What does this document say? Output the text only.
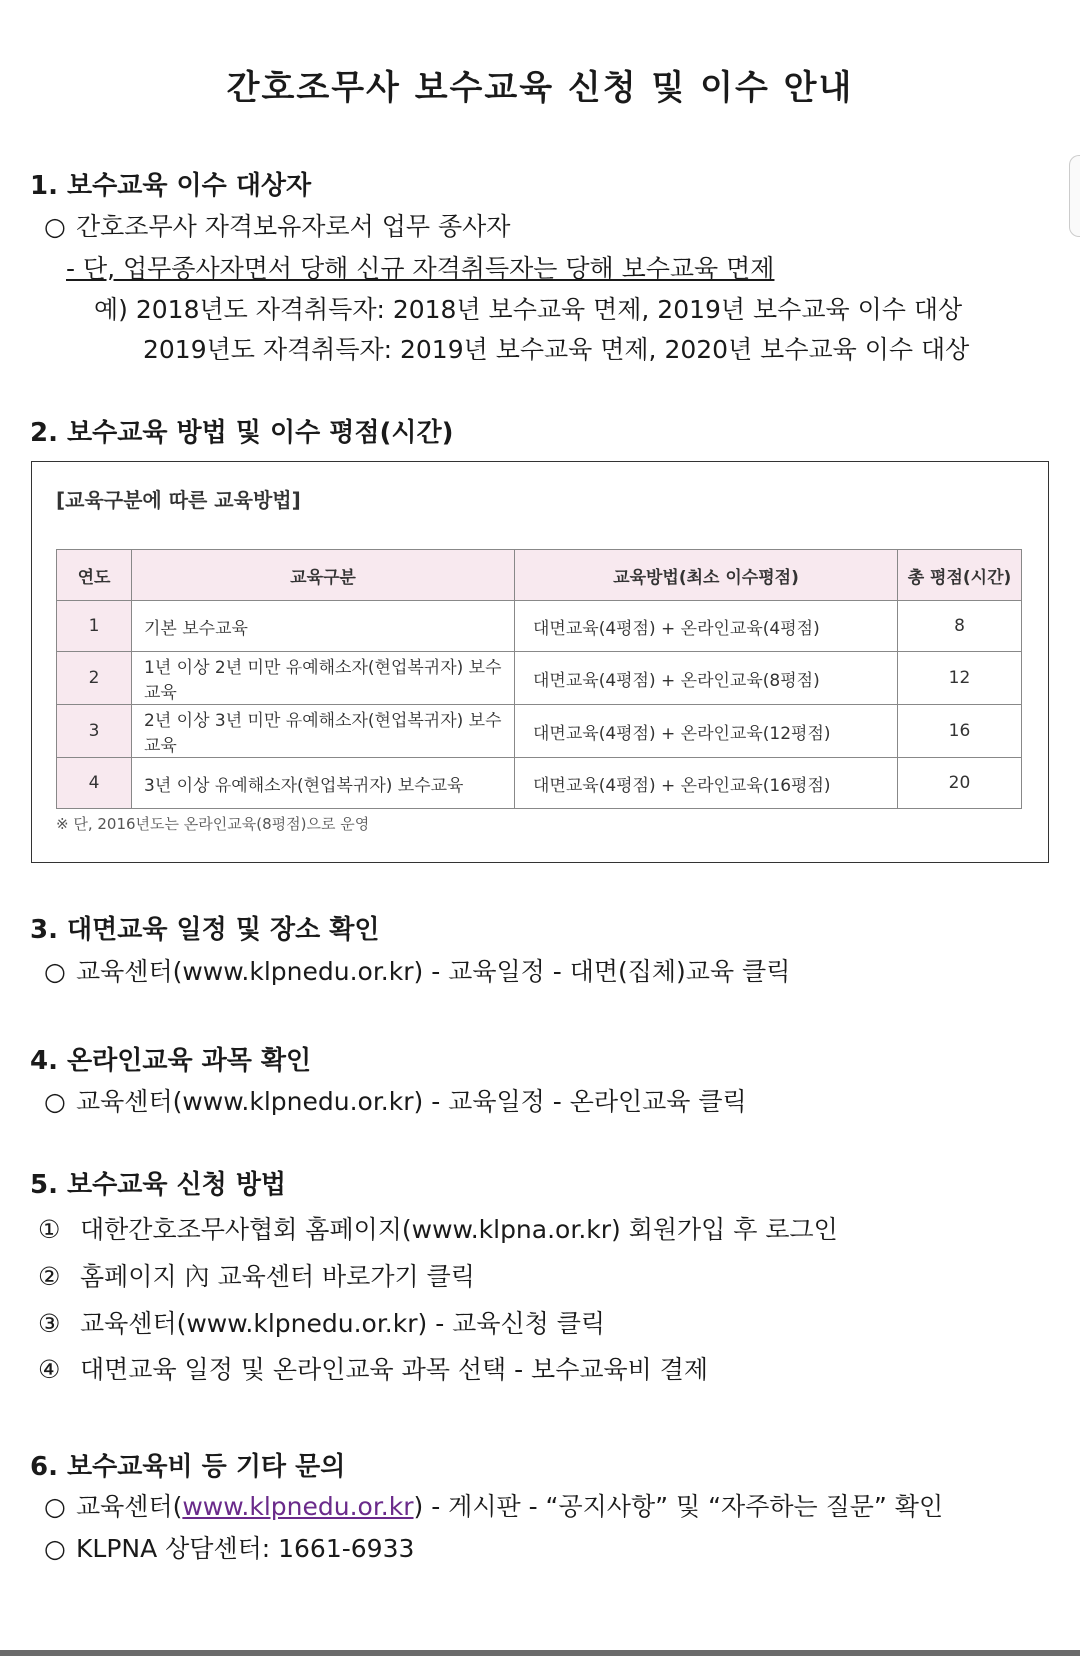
간호조무사 보수교육 신청 및 이수 안내
1. 보수교육 이수 대상자
○ 간호조무사 자격보유자로서 업무 종사자
- 단, 업무종사자면서 당해 신규 자격취득자는 당해 보수교육 면제
예) 2018년도 자격취득자: 2018년 보수교육 면제, 2019년 보수교육 이수 대상
2019년도 자격취득자: 2019년 보수교육 면제, 2020년 보수교육 이수 대상
2. 보수교육 방법 및 이수 평점(시간)
[교육구분에 따른 교육방법]
연도	교육구분	교육방법(최소 이수평점)	총 평점(시간)
1	기본 보수교육	대면교육(4평점) + 온라인교육(4평점)	8
2	1년 이상 2년 미만 유예해소자(현업복귀자) 보수교육	대면교육(4평점) + 온라인교육(8평점)	12
3	2년 이상 3년 미만 유예해소자(현업복귀자) 보수교육	대면교육(4평점) + 온라인교육(12평점)	16
4	3년 이상 유예해소자(현업복귀자) 보수교육	대면교육(4평점) + 온라인교육(16평점)	20
※ 단, 2016년도는 온라인교육(8평점)으로 운영
3. 대면교육 일정 및 장소 확인
○ 교육센터(www.klpnedu.or.kr) - 교육일정 - 대면(집체)교육 클릭
4. 온라인교육 과목 확인
○ 교육센터(www.klpnedu.or.kr) - 교육일정 - 온라인교육 클릭
5. 보수교육 신청 방법
① 대한간호조무사협회 홈페이지(www.klpna.or.kr) 회원가입 후 로그인
② 홈페이지 內 교육센터 바로가기 클릭
③ 교육센터(www.klpnedu.or.kr) - 교육신청 클릭
④ 대면교육 일정 및 온라인교육 과목 선택 - 보수교육비 결제
6. 보수교육비 등 기타 문의
○ 교육센터(www.klpnedu.or.kr) - 게시판 - “공지사항” 및 “자주하는 질문” 확인
○ KLPNA 상담센터: 1661-6933
